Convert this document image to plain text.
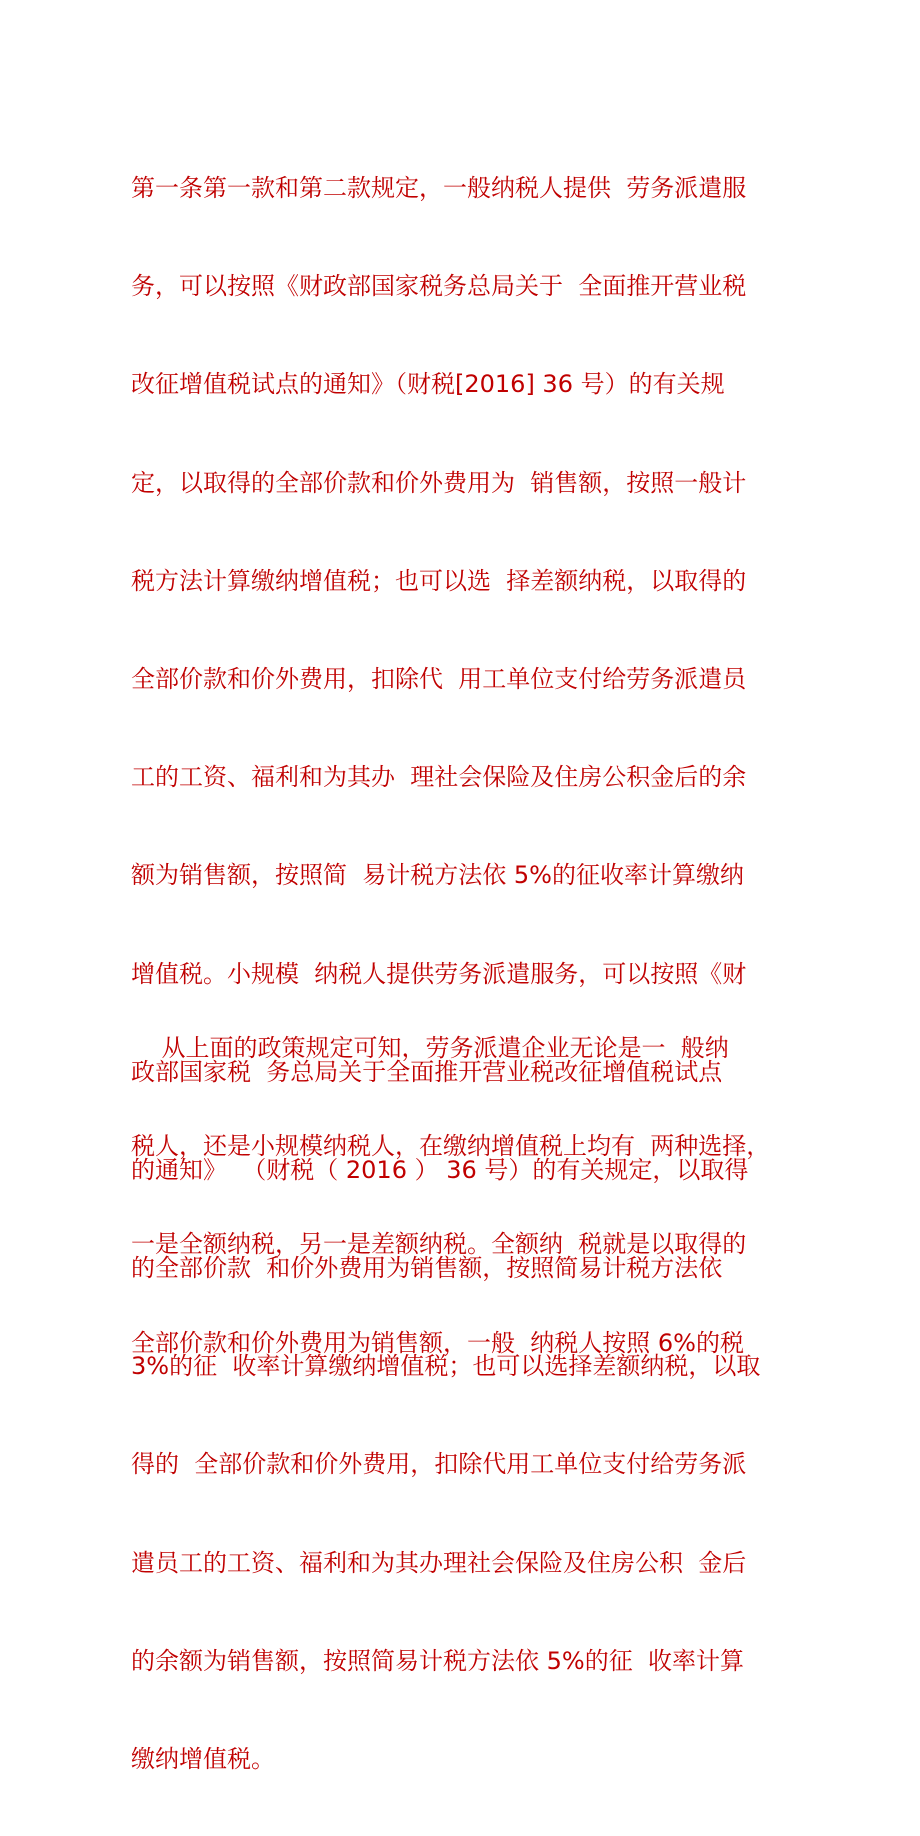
第一条第一款和第二款规定，一般纳税人提供  劳务派遣服

务，可以按照《财政部国家税务总局关于  全面推开营业税

改征增值税试点的通知》（财税[2016] 36 号）的有关规

定，以取得的全部价款和价外费用为  销售额，按照一般计

税方法计算缴纳增值税；也可以选  择差额纳税，以取得的

全部价款和价外费用，扣除代  用工单位支付给劳务派遣员

工的工资、福利和为其办  理社会保险及住房公积金后的余

额为销售额，按照简  易计税方法依 5%的征收率计算缴纳

增值税。小规模  纳税人提供劳务派遣服务，可以按照《财

政部国家税  务总局关于全面推开营业税改征增值税试点

的通知》  （财税（ 2016 ） 36 号）的有关规定，以取得

的全部价款  和价外费用为销售额，按照简易计税方法依

3%的征  收率计算缴纳增值税；也可以选择差额纳税，以取

得的  全部价款和价外费用，扣除代用工单位支付给劳务派

遣员工的工资、福利和为其办理社会保险及住房公积  金后

的余额为销售额，按照简易计税方法依 5%的征  收率计算

缴纳增值税。

从上面的政策规定可知，劳务派遣企业无论是一  般纳

税人，还是小规模纳税人，在缴纳增值税上均有  两种选择，

一是全额纳税，另一是差额纳税。全额纳  税就是以取得的

全部价款和价外费用为销售额，一般  纳税人按照 6%的税
